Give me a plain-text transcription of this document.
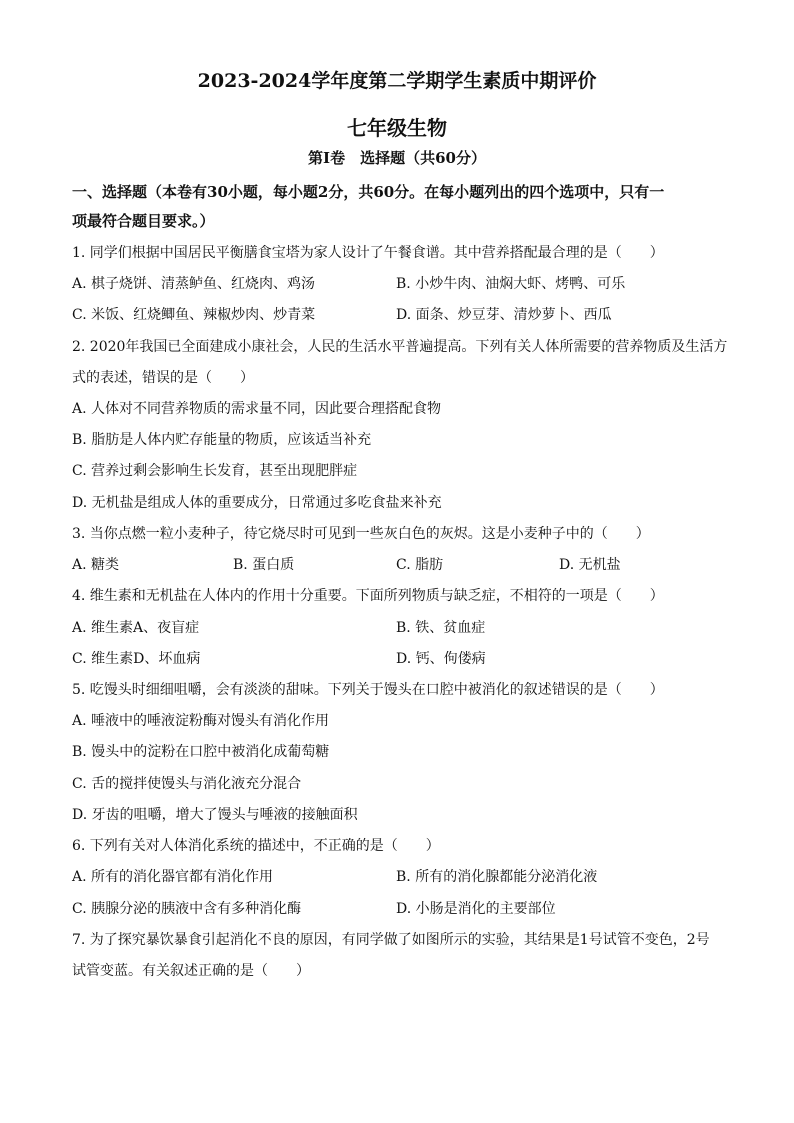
2023-2024学年度第二学期学生素质中期评价
七年级生物
第Ⅰ卷　选择题（共60分）
一、选择题（本卷有30小题，每小题2分，共60分。在每小题列出的四个选项中，只有一
项最符合题目要求。）
1. 同学们根据中国居民平衡膳食宝塔为家人设计了午餐食谱。其中营养搭配最合理的是（　　）
A. 棋子烧饼、清蒸鲈鱼、红烧肉、鸡汤	B. 小炒牛肉、油焖大虾、烤鸭、可乐
C. 米饭、红烧鲫鱼、辣椒炒肉、炒青菜	D. 面条、炒豆芽、清炒萝卜、西瓜
2. 2020年我国已全面建成小康社会，人民的生活水平普遍提高。下列有关人体所需要的营养物质及生活方
式的表述，错误的是（　　）
A. 人体对不同营养物质的需求量不同，因此要合理搭配食物
B. 脂肪是人体内贮存能量的物质，应该适当补充
C. 营养过剩会影响生长发育，甚至出现肥胖症
D. 无机盐是组成人体的重要成分，日常通过多吃食盐来补充
3. 当你点燃一粒小麦种子，待它烧尽时可见到一些灰白色的灰烬。这是小麦种子中的（　　）
A. 糖类	B. 蛋白质	C. 脂肪	D. 无机盐
4. 维生素和无机盐在人体内的作用十分重要。下面所列物质与缺乏症，不相符的一项是（　　）
A. 维生素A、夜盲症	B. 铁、贫血症
C. 维生素D、坏血病	D. 钙、佝偻病
5. 吃馒头时细细咀嚼，会有淡淡的甜味。下列关于馒头在口腔中被消化的叙述错误的是（　　）
A. 唾液中的唾液淀粉酶对馒头有消化作用
B. 馒头中的淀粉在口腔中被消化成葡萄糖
C. 舌的搅拌使馒头与消化液充分混合
D. 牙齿的咀嚼，增大了馒头与唾液的接触面积
6. 下列有关对人体消化系统的描述中，不正确的是（　　）
A. 所有的消化器官都有消化作用	B. 所有的消化腺都能分泌消化液
C. 胰腺分泌的胰液中含有多种消化酶	D. 小肠是消化的主要部位
7. 为了探究暴饮暴食引起消化不良的原因，有同学做了如图所示的实验，其结果是1号试管不变色，2号
试管变蓝。有关叙述正确的是（　　）
